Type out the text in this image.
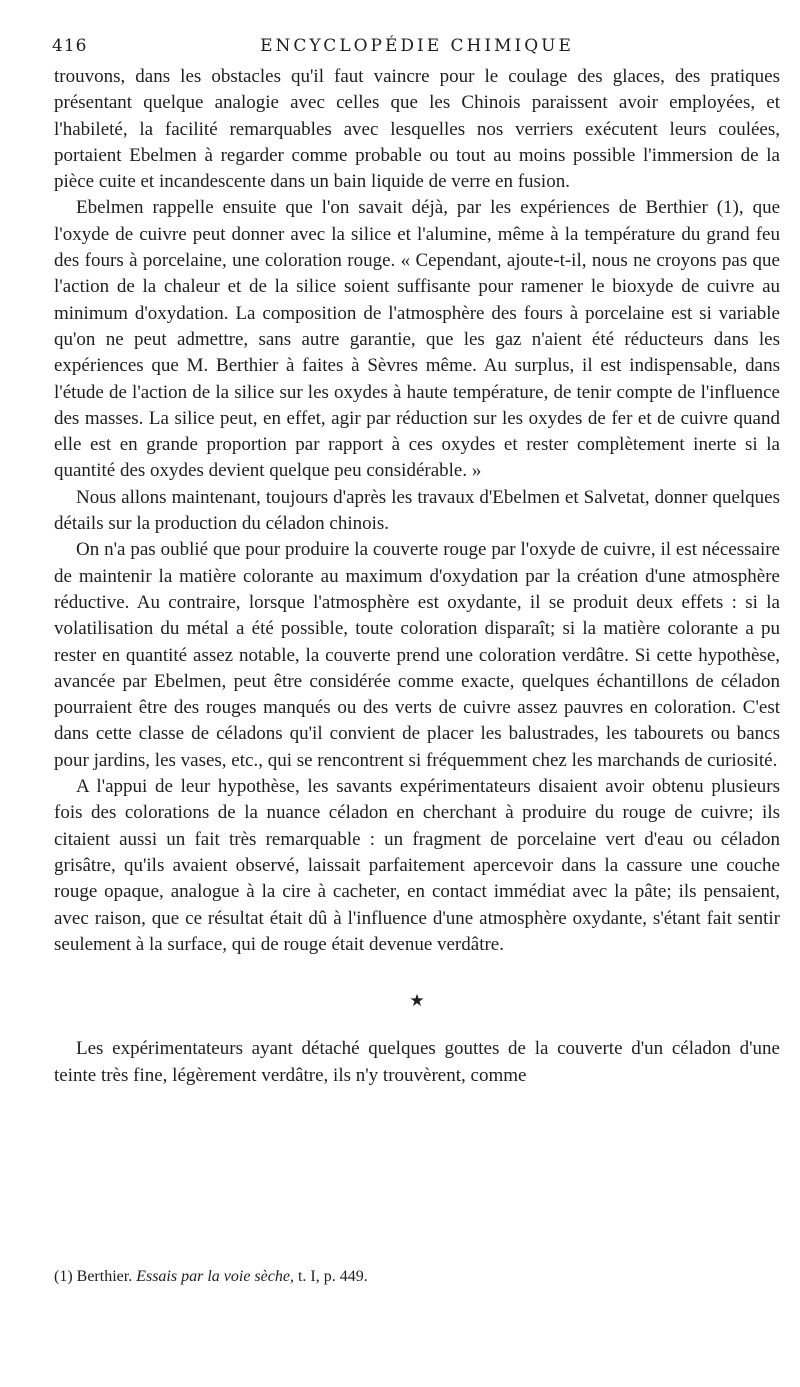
416	ENCYCLOPÉDIE CHIMIQUE

trouvons, dans les obstacles qu'il faut vaincre pour le coulage des glaces, des pratiques présentant quelque analogie avec celles que les Chinois paraissent avoir employées, et l'habileté, la facilité remarquables avec lesquelles nos verriers exécutent leurs coulées, portaient Ebelmen à regarder comme probable ou tout au moins possible l'immersion de la pièce cuite et incandescente dans un bain liquide de verre en fusion.

Ebelmen rappelle ensuite que l'on savait déjà, par les expériences de Berthier (1), que l'oxyde de cuivre peut donner avec la silice et l'alumine, même à la température du grand feu des fours à porcelaine, une coloration rouge. « Cependant, ajoute-t-il, nous ne croyons pas que l'action de la chaleur et de la silice soient suffisante pour ramener le bioxyde de cuivre au minimum d'oxydation. La composition de l'atmosphère des fours à porcelaine est si variable qu'on ne peut admettre, sans autre garantie, que les gaz n'aient été réducteurs dans les expériences que M. Berthier à faites à Sèvres même. Au surplus, il est indispensable, dans l'étude de l'action de la silice sur les oxydes à haute température, de tenir compte de l'influence des masses. La silice peut, en effet, agir par réduction sur les oxydes de fer et de cuivre quand elle est en grande proportion par rapport à ces oxydes et rester complètement inerte si la quantité des oxydes devient quelque peu considérable. »

Nous allons maintenant, toujours d'après les travaux d'Ebelmen et Salvetat, donner quelques détails sur la production du céladon chinois.

On n'a pas oublié que pour produire la couverte rouge par l'oxyde de cuivre, il est nécessaire de maintenir la matière colorante au maximum d'oxydation par la création d'une atmosphère réductive. Au contraire, lorsque l'atmosphère est oxydante, il se produit deux effets : si la volatilisation du métal a été possible, toute coloration disparaît; si la matière colorante a pu rester en quantité assez notable, la couverte prend une coloration verdâtre. Si cette hypothèse, avancée par Ebelmen, peut être considérée comme exacte, quelques échantillons de céladon pourraient être des rouges manqués ou des verts de cuivre assez pauvres en coloration. C'est dans cette classe de céladons qu'il convient de placer les balustrades, les tabourets ou bancs pour jardins, les vases, etc., qui se rencontrent si fréquemment chez les marchands de curiosité.

A l'appui de leur hypothèse, les savants expérimentateurs disaient avoir obtenu plusieurs fois des colorations de la nuance céladon en cherchant à produire du rouge de cuivre; ils citaient aussi un fait très remarquable : un fragment de porcelaine vert d'eau ou céladon grisâtre, qu'ils avaient observé, laissait parfaitement apercevoir dans la cassure une couche rouge opaque, analogue à la cire à cacheter, en contact immédiat avec la pâte; ils pensaient, avec raison, que ce résultat était dû à l'influence d'une atmosphère oxydante, s'étant fait sentir seulement à la surface, qui de rouge était devenue verdâtre.

★

Les expérimentateurs ayant détaché quelques gouttes de la couverte d'un céladon d'une teinte très fine, légèrement verdâtre, ils n'y trouvèrent, comme

(1) Berthier. Essais par la voie sèche, t. I, p. 449.
